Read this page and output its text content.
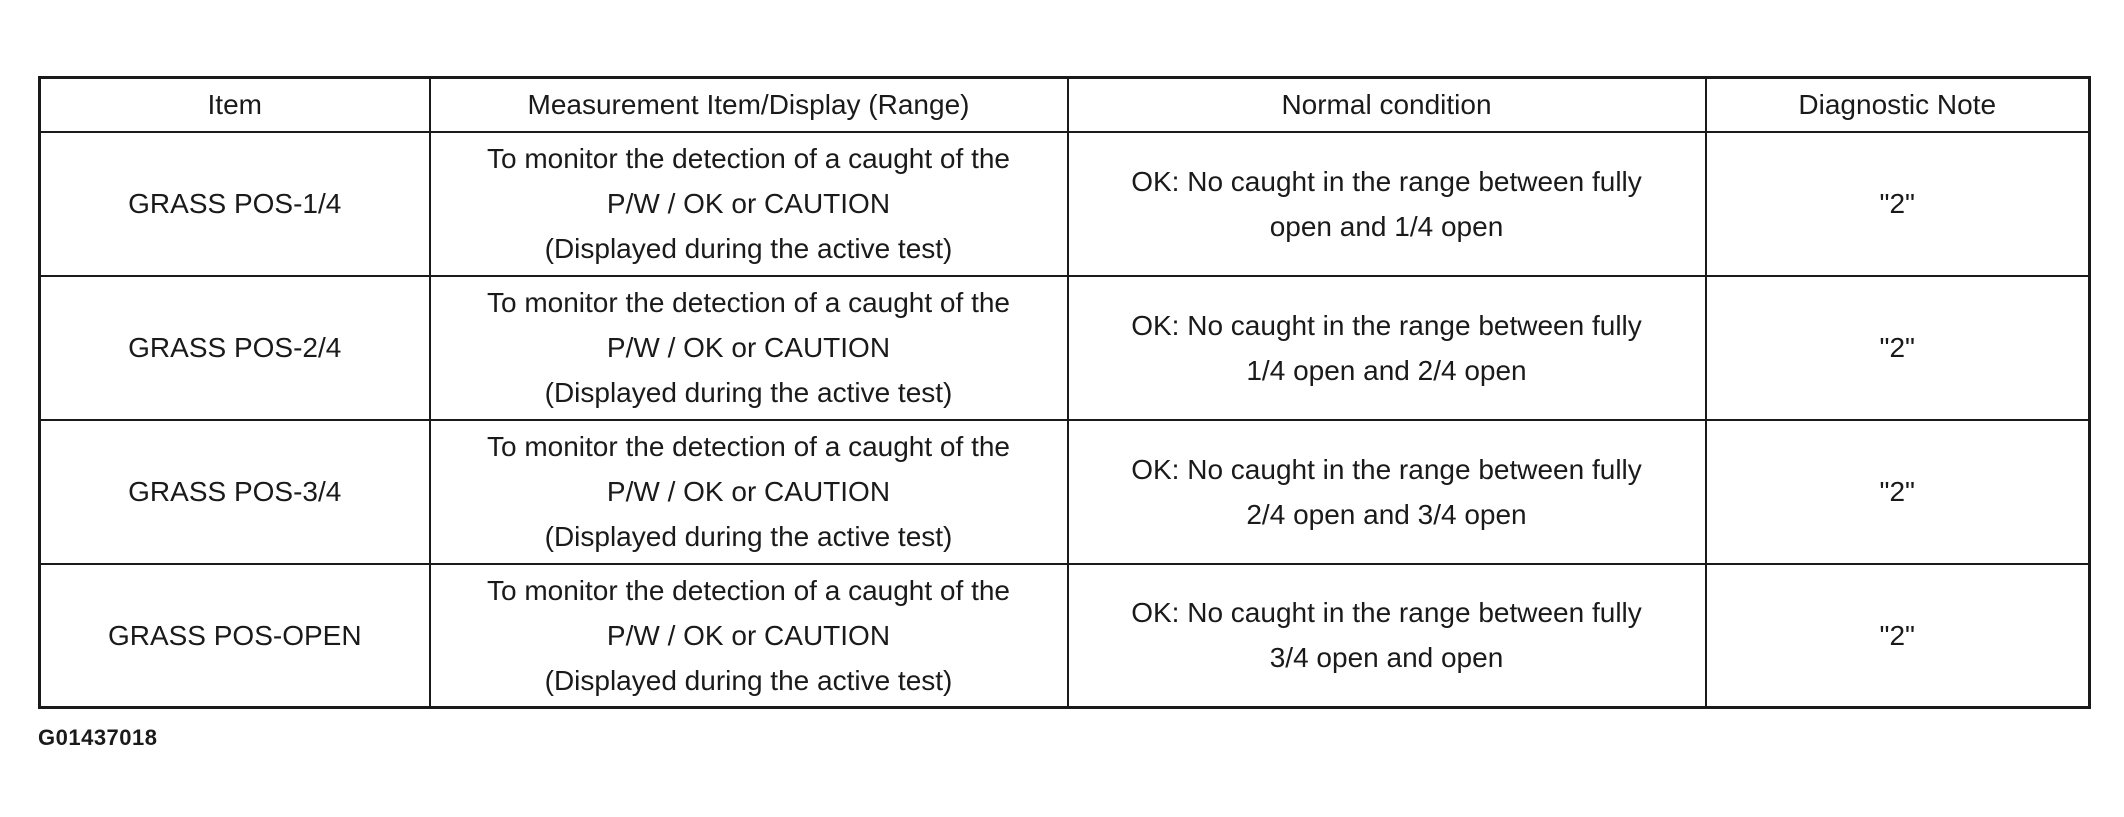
Item	Measurement Item/Display (Range)	Normal condition	Diagnostic Note
GRASS POS-1/4	To monitor the detection of a caught of the
P/W / OK or CAUTION
(Displayed during the active test)	OK: No caught in the range between fully
open and 1/4 open	"2"
GRASS POS-2/4	To monitor the detection of a caught of the
P/W / OK or CAUTION
(Displayed during the active test)	OK: No caught in the range between fully
1/4 open and 2/4 open	"2"
GRASS POS-3/4	To monitor the detection of a caught of the
P/W / OK or CAUTION
(Displayed during the active test)	OK: No caught in the range between fully
2/4 open and 3/4 open	"2"
GRASS POS-OPEN	To monitor the detection of a caught of the
P/W / OK or CAUTION
(Displayed during the active test)	OK: No caught in the range between fully
3/4 open and open	"2"
G01437018
